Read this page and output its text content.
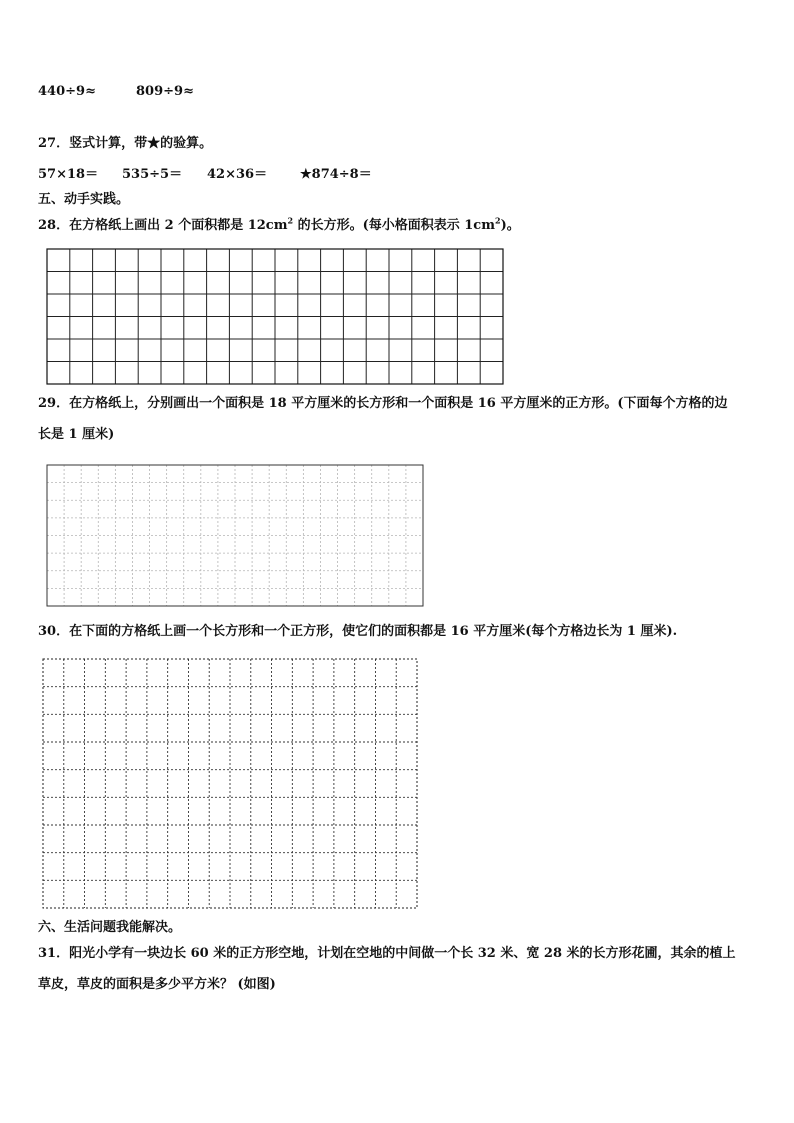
440÷9≈	809÷9≈
27．竖式计算，带★的验算。
57×18＝ 535÷5＝ 42×36＝	★874÷8＝
五、动手实践。
28．在方格纸上画出 2 个面积都是 $12cm^2$ 的长方形。(每小格面积表示 $1cm^2$)。
29．在方格纸上，分别画出一个面积是 18 平方厘米的长方形和一个面积是 16 平方厘米的正方形。(下面每个方格的边
长是 1 厘米)
30．在下面的方格纸上画一个长方形和一个正方形，使它们的面积都是 16 平方厘米(每个方格边长为 1 厘米).
六、生活问题我能解决。
31．阳光小学有一块边长 60 米的正方形空地，计划在空地的中间做一个长 32 米、宽 28 米的长方形花圃，其余的植上
草皮，草皮的面积是多少平方米？ (如图)
